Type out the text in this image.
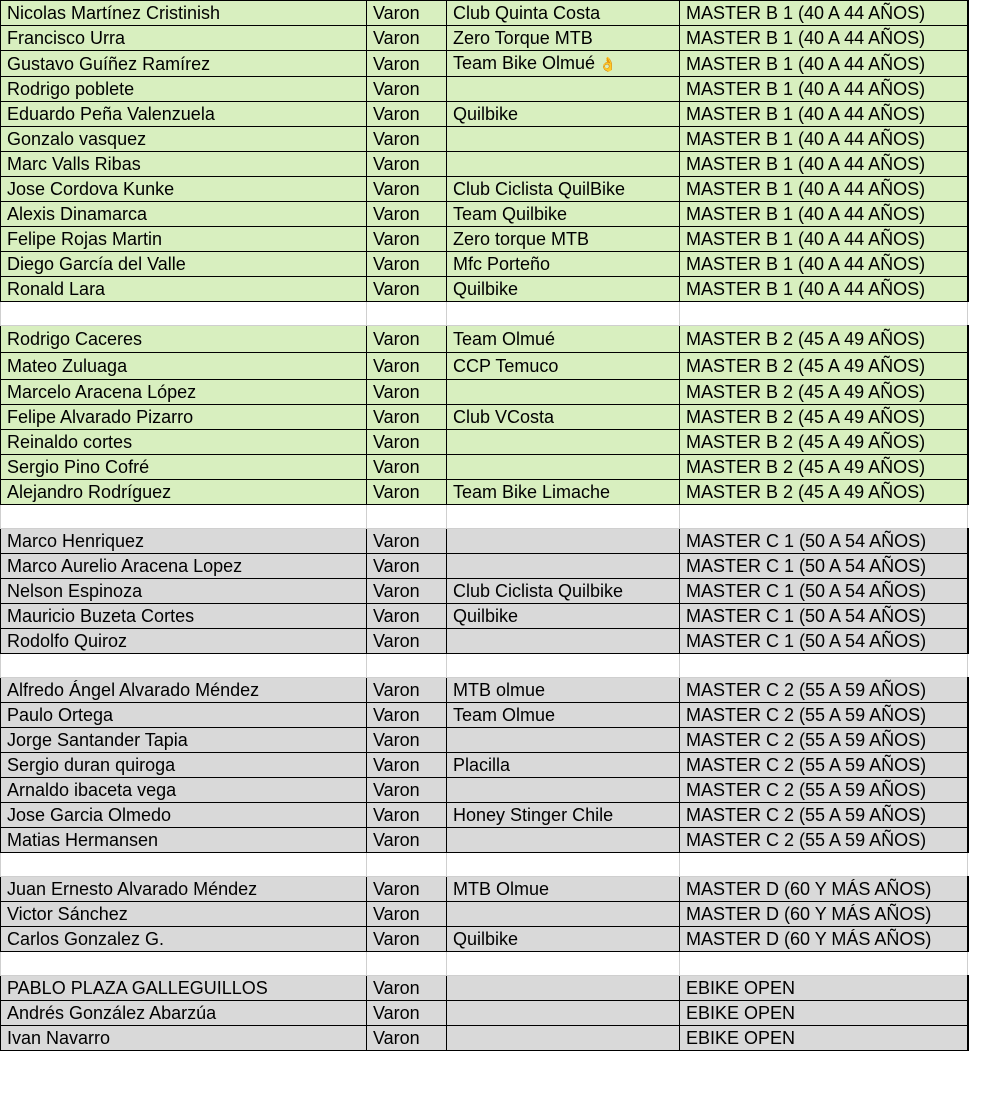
Nicolas Martínez Cristinish	Varon	Club Quinta Costa	MASTER B 1 (40 A 44 AÑOS)
Francisco Urra	Varon	Zero Torque MTB	MASTER B 1 (40 A 44 AÑOS)
Gustavo Guíñez Ramírez	Varon	Team Bike Olmué 👌	MASTER B 1 (40 A 44 AÑOS)
Rodrigo poblete	Varon		MASTER B 1 (40 A 44 AÑOS)
Eduardo Peña Valenzuela	Varon	Quilbike	MASTER B 1 (40 A 44 AÑOS)
Gonzalo vasquez	Varon		MASTER B 1 (40 A 44 AÑOS)
Marc Valls Ribas	Varon		MASTER B 1 (40 A 44 AÑOS)
Jose Cordova Kunke	Varon	Club Ciclista QuilBike	MASTER B 1 (40 A 44 AÑOS)
Alexis Dinamarca	Varon	Team Quilbike	MASTER B 1 (40 A 44 AÑOS)
Felipe Rojas Martin	Varon	Zero torque MTB	MASTER B 1 (40 A 44 AÑOS)
Diego García del Valle	Varon	Mfc Porteño	MASTER B 1 (40 A 44 AÑOS)
Ronald Lara	Varon	Quilbike	MASTER B 1 (40 A 44 AÑOS)

Rodrigo Caceres	Varon	Team Olmué	MASTER B 2 (45 A 49 AÑOS)
Mateo Zuluaga	Varon	CCP Temuco	MASTER B 2 (45 A 49 AÑOS)
Marcelo Aracena López	Varon		MASTER B 2 (45 A 49 AÑOS)
Felipe Alvarado Pizarro	Varon	Club VCosta	MASTER B 2 (45 A 49 AÑOS)
Reinaldo cortes	Varon		MASTER B 2 (45 A 49 AÑOS)
Sergio Pino Cofré	Varon		MASTER B 2 (45 A 49 AÑOS)
Alejandro Rodríguez	Varon	Team Bike Limache	MASTER B 2 (45 A 49 AÑOS)

Marco Henriquez	Varon		MASTER C 1 (50 A 54 AÑOS)
Marco Aurelio Aracena Lopez	Varon		MASTER C 1 (50 A 54 AÑOS)
Nelson Espinoza	Varon	Club Ciclista Quilbike	MASTER C 1 (50 A 54 AÑOS)
Mauricio Buzeta Cortes	Varon	Quilbike	MASTER C 1 (50 A 54 AÑOS)
Rodolfo Quiroz	Varon		MASTER C 1 (50 A 54 AÑOS)

Alfredo Ángel Alvarado Méndez	Varon	MTB olmue	MASTER C 2 (55 A 59 AÑOS)
Paulo Ortega	Varon	Team Olmue	MASTER C 2 (55 A 59 AÑOS)
Jorge Santander Tapia	Varon		MASTER C 2 (55 A 59 AÑOS)
Sergio duran quiroga	Varon	Placilla	MASTER C 2 (55 A 59 AÑOS)
Arnaldo ibaceta vega	Varon		MASTER C 2 (55 A 59 AÑOS)
Jose Garcia Olmedo	Varon	Honey Stinger Chile	MASTER C 2 (55 A 59 AÑOS)
Matias Hermansen	Varon		MASTER C 2 (55 A 59 AÑOS)

Juan Ernesto Alvarado Méndez	Varon	MTB Olmue	MASTER D (60 Y MÁS AÑOS)
Victor Sánchez	Varon		MASTER D (60 Y MÁS AÑOS)
Carlos Gonzalez G.	Varon	Quilbike	MASTER D (60 Y MÁS AÑOS)

PABLO PLAZA GALLEGUILLOS	Varon		EBIKE OPEN
Andrés González Abarzúa	Varon		EBIKE OPEN
Ivan Navarro	Varon		EBIKE OPEN
